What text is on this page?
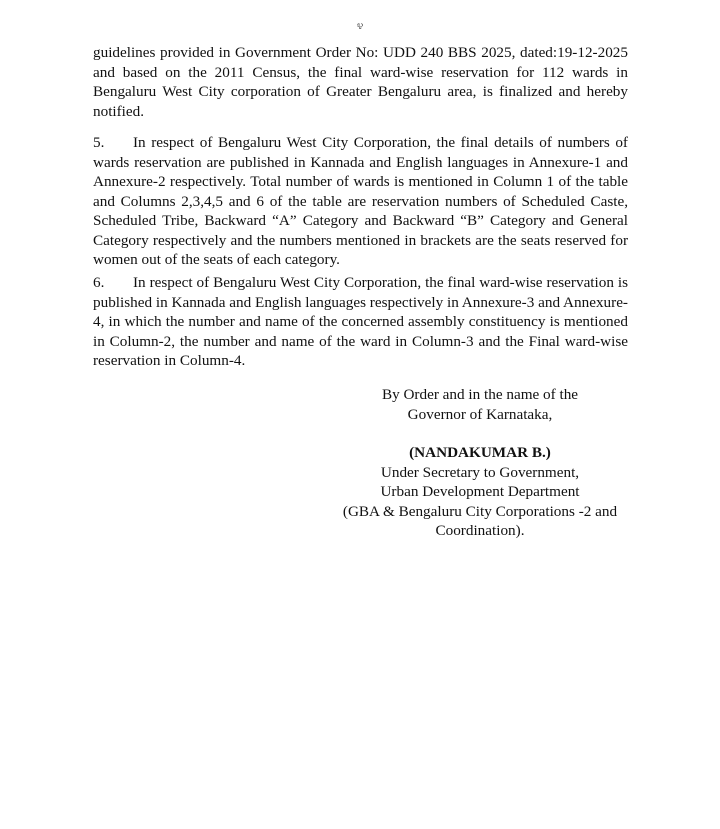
೪

guidelines provided in Government Order No: UDD 240 BBS 2025, dated:19-12-2025 and based on the 2011 Census, the final ward-wise reservation for 112 wards in Bengaluru West City corporation of Greater Bengaluru area, is finalized and hereby notified.

5. In respect of Bengaluru West City Corporation, the final details of numbers of wards reservation are published in Kannada and English languages in Annexure-1 and Annexure-2 respectively. Total number of wards is mentioned in Column 1 of the table and Columns 2,3,4,5 and 6 of the table are reservation numbers of Scheduled Caste, Scheduled Tribe, Backward “A” Category and Backward “B” Category and General Category respectively and the numbers mentioned in brackets are the seats reserved for women out of the seats of each category.

6. In respect of Bengaluru West City Corporation, the final ward-wise reservation is published in Kannada and English languages respectively in Annexure-3 and Annexure-4, in which the number and name of the concerned assembly constituency is mentioned in Column-2, the number and name of the ward in Column-3 and the Final ward-wise reservation in Column-4.

By Order and in the name of the
Governor of Karnataka,
(NANDAKUMAR B.)
Under Secretary to Government,
Urban Development Department
(GBA & Bengaluru City Corporations -2 and
Coordination).
